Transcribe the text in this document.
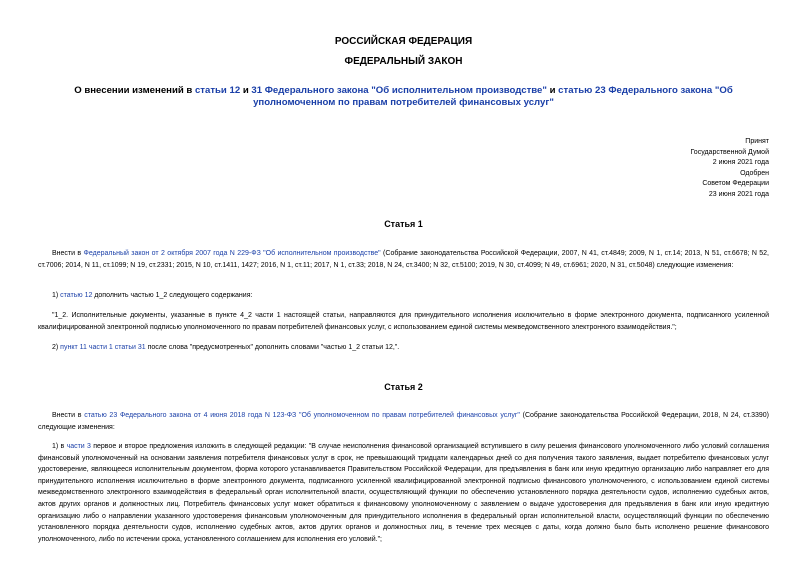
РОССИЙСКАЯ ФЕДЕРАЦИЯ
ФЕДЕРАЛЬНЫЙ ЗАКОН
О внесении изменений в статьи 12 и 31 Федерального закона "Об исполнительном производстве" и статью 23 Федерального закона "Об уполномоченном по правам потребителей финансовых услуг"
Принят
Государственной Думой
2 июня 2021 года
Одобрен
Советом Федерации
23 июня 2021 года
Статья 1
Внести в Федеральный закон от 2 октября 2007 года N 229-ФЗ "Об исполнительном производстве" (Собрание законодательства Российской Федерации, 2007, N 41, ст.4849; 2009, N 1, ст.14; 2013, N 51, ст.6678; N 52, ст.7006; 2014, N 11, ст.1099; N 19, ст.2331; 2015, N 10, ст.1411, 1427; 2016, N 1, ст.11; 2017, N 1, ст.33; 2018, N 24, ст.3400; N 32, ст.5100; 2019, N 30, ст.4099; N 49, ст.6961; 2020, N 31, ст.5048) следующие изменения:
1) статью 12 дополнить частью 1_2 следующего содержания:
"1_2. Исполнительные документы, указанные в пункте 4_2 части 1 настоящей статьи, направляются для принудительного исполнения исключительно в форме электронного документа, подписанного усиленной квалифицированной электронной подписью уполномоченного по правам потребителей финансовых услуг, с использованием единой системы межведомственного электронного взаимодействия.";
2) пункт 11 части 1 статьи 31 после слова "предусмотренных" дополнить словами "частью 1_2 статьи 12,".
Статья 2
Внести в статью 23 Федерального закона от 4 июня 2018 года N 123-ФЗ "Об уполномоченном по правам потребителей финансовых услуг" (Собрание законодательства Российской Федерации, 2018, N 24, ст.3390) следующие изменения:
1) в части 3 первое и второе предложения изложить в следующей редакции: "В случае неисполнения финансовой организацией вступившего в силу решения финансового уполномоченного либо условий соглашения финансовый уполномоченный на основании заявления потребителя финансовых услуг в срок, не превышающий тридцати календарных дней со дня получения такого заявления, выдает потребителю финансовых услуг удостоверение, являющееся исполнительным документом, форма которого устанавливается Правительством Российской Федерации, для предъявления в банк или иную кредитную организацию либо направляет его для принудительного исполнения исключительно в форме электронного документа, подписанного усиленной квалифицированной электронной подписью финансового уполномоченного, с использованием единой системы межведомственного электронного взаимодействия в федеральный орган исполнительной власти, осуществляющий функции по обеспечению установленного порядка деятельности судов, исполнению судебных актов, актов других органов и должностных лиц. Потребитель финансовых услуг может обратиться к финансовому уполномоченному с заявлением о выдаче удостоверения для предъявления в банк или иную кредитную организацию либо о направлении указанного удостоверения финансовым уполномоченным для принудительного исполнения в федеральный орган исполнительной власти, осуществляющий функции по обеспечению установленного порядка деятельности судов, исполнению судебных актов, актов других органов и должностных лиц, в течение трех месяцев с даты, когда должно было быть исполнено решение финансового уполномоченного, либо по истечении срока, установленного соглашением для исполнения его условий.";
